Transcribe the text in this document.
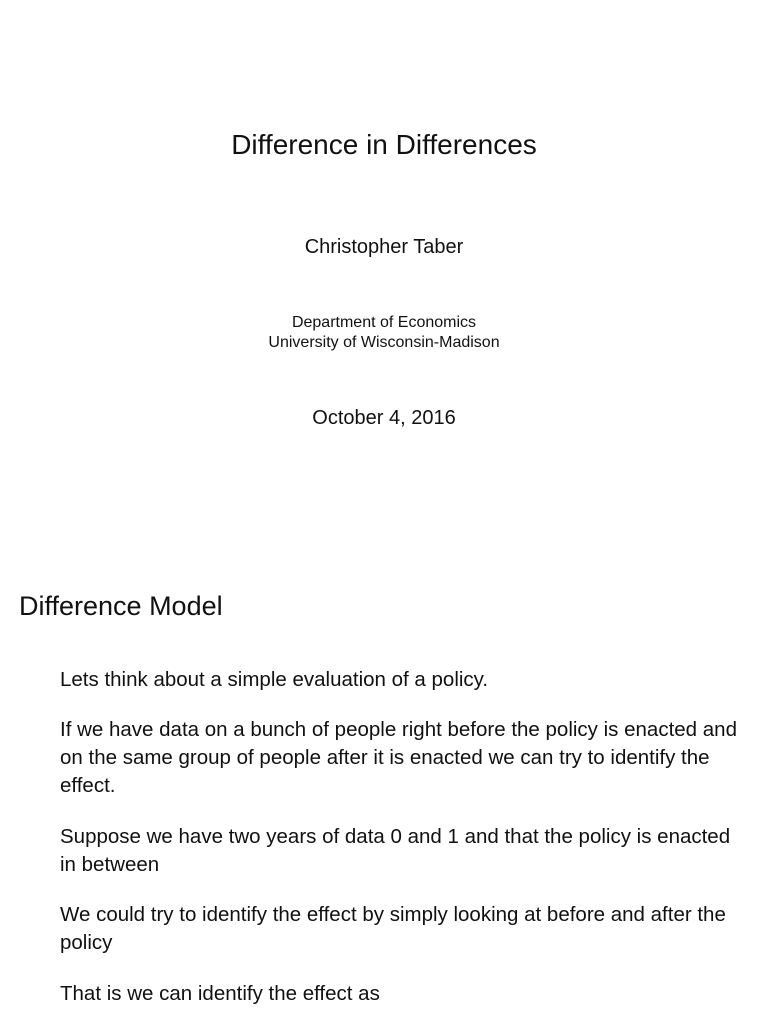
Difference in Differences
Christopher Taber
Department of Economics
University of Wisconsin-Madison
October 4, 2016
Difference Model

Lets think about a simple evaluation of a policy.

If we have data on a bunch of people right before the policy is enacted and on the same group of people after it is enacted we can try to identify the effect.

Suppose we have two years of data 0 and 1 and that the policy is enacted in between

We could try to identify the effect by simply looking at before and after the policy

That is we can identify the effect as
